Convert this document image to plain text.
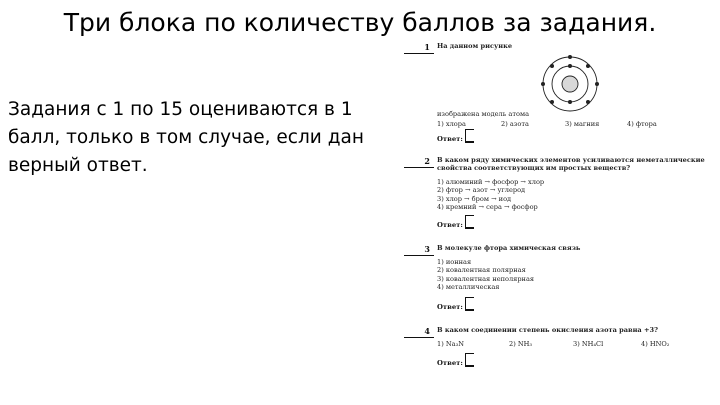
Три блока по количеству баллов за задания.

Задания с 1 по 15 оцениваются в 1 балл, только в том случае, если дан верный ответ.

1 На данном рисунке
изображена модель атома
1) хлора	2) азота	3) магния	4) фтора
Ответ:
2 В каком ряду химических элементов усиливаются неметаллические свойства соответствующих им простых веществ?
1) алюминий → фосфор → хлор
2) фтор → азот → углерод
3) хлор → бром → иод
4) кремний → сера → фосфор
Ответ:
3 В молекуле фтора химическая связь
1) ионная
2) ковалентная полярная
3) ковалентная неполярная
4) металлическая
Ответ:
4 В каком соединении степень окисления азота равна +3?
1) Na₃N	2) NH₃	3) NH₄Cl	4) HNO₂
Ответ:
